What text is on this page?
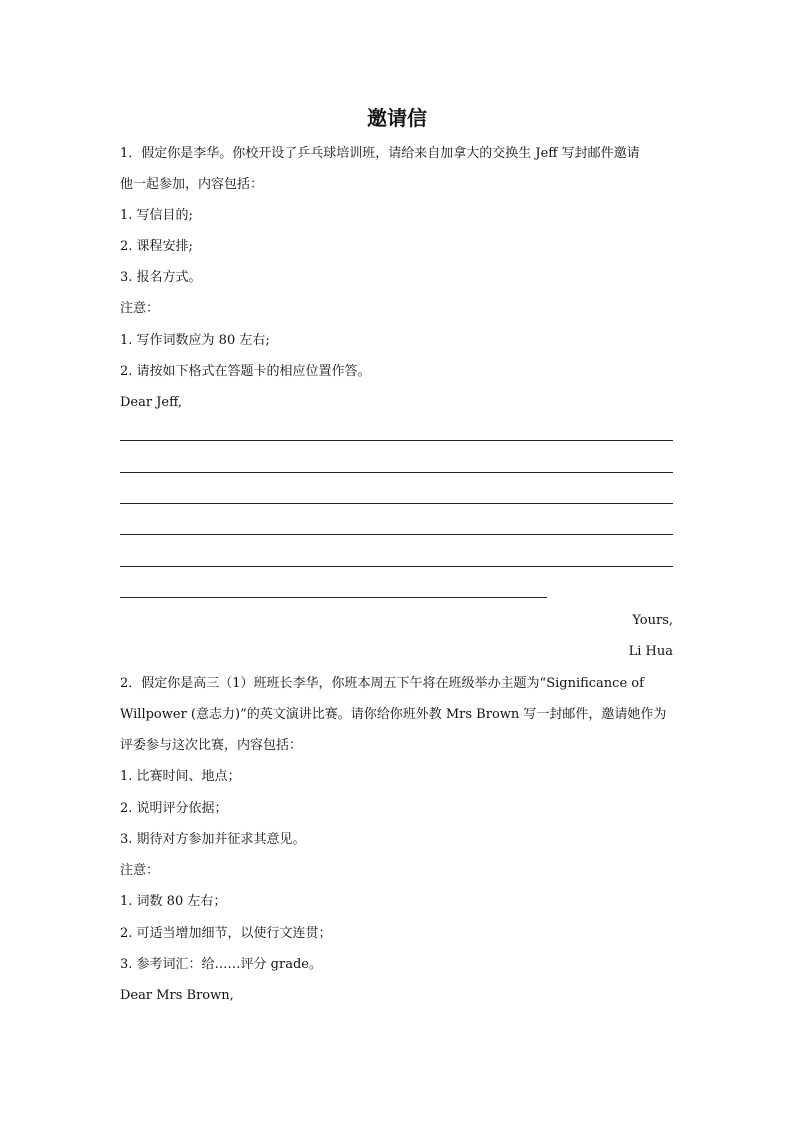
邀请信
1．假定你是李华。你校开设了乒乓球培训班，请给来自加拿大的交换生 Jeff 写封邮件邀请
他一起参加，内容包括：
1. 写信目的;
2. 课程安排;
3. 报名方式。
注意：
1. 写作词数应为 80 左右;
2. 请按如下格式在答题卡的相应位置作答。
Dear Jeff,
Yours,
Li Hua
2．假定你是高三（1）班班长李华，你班本周五下午将在班级举办主题为“Significance of
Willpower (意志力)”的英文演讲比赛。请你给你班外教 Mrs Brown 写一封邮件，邀请她作为
评委参与这次比赛，内容包括：
1. 比赛时间、地点；
2. 说明评分依据；
3. 期待对方参加并征求其意见。
注意：
1. 词数 80 左右；
2. 可适当增加细节，以使行文连贯；
3. 参考词汇：给……评分 grade。
Dear Mrs Brown,
